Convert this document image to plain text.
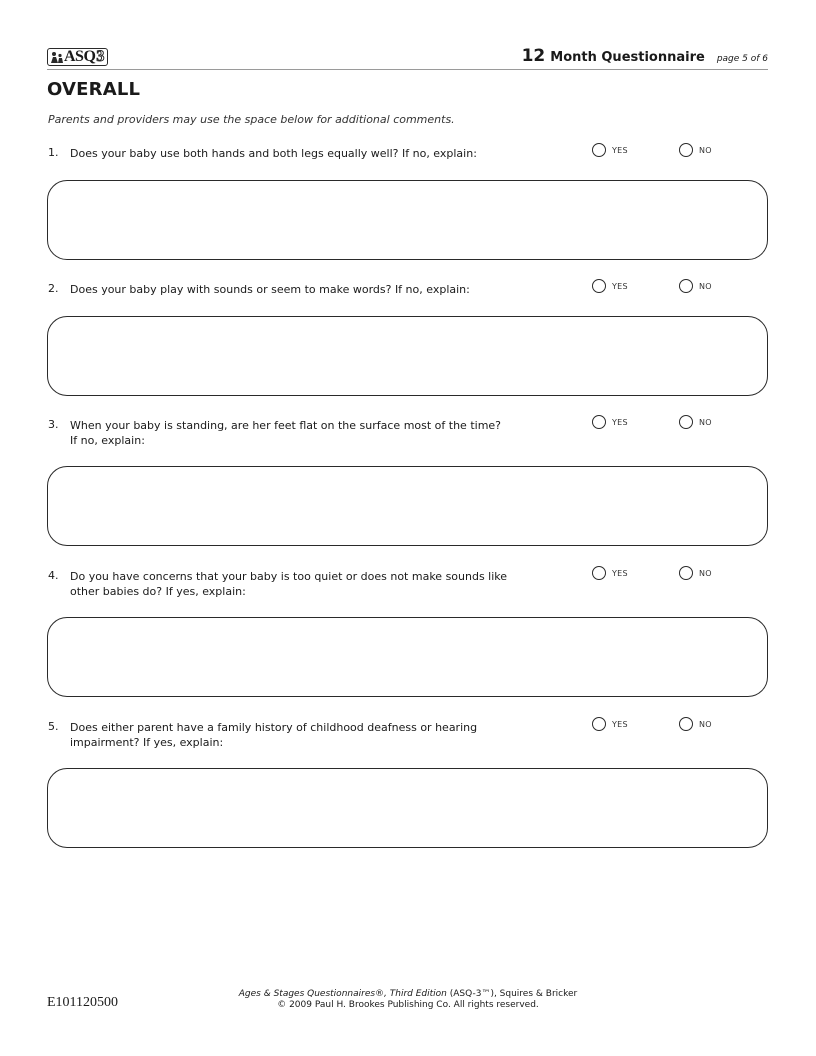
ASQ 3	12 Month Questionnaire page 5 of 6
OVERALL
Parents and providers may use the space below for additional comments.
1. Does your baby use both hands and both legs equally well? If no, explain:	YES	NO
2. Does your baby play with sounds or seem to make words? If no, explain:	YES	NO
3. When your baby is standing, are her feet flat on the surface most of the time?
If no, explain:
YES	NO
4. Do you have concerns that your baby is too quiet or does not make sounds like
other babies do? If yes, explain:
YES	NO
5. Does either parent have a family history of childhood deafness or hearing
impairment? If yes, explain:
YES	NO
E101120500
Ages & Stages Questionnaires®, Third Edition (ASQ-3™), Squires & Bricker
© 2009 Paul H. Brookes Publishing Co. All rights reserved.
